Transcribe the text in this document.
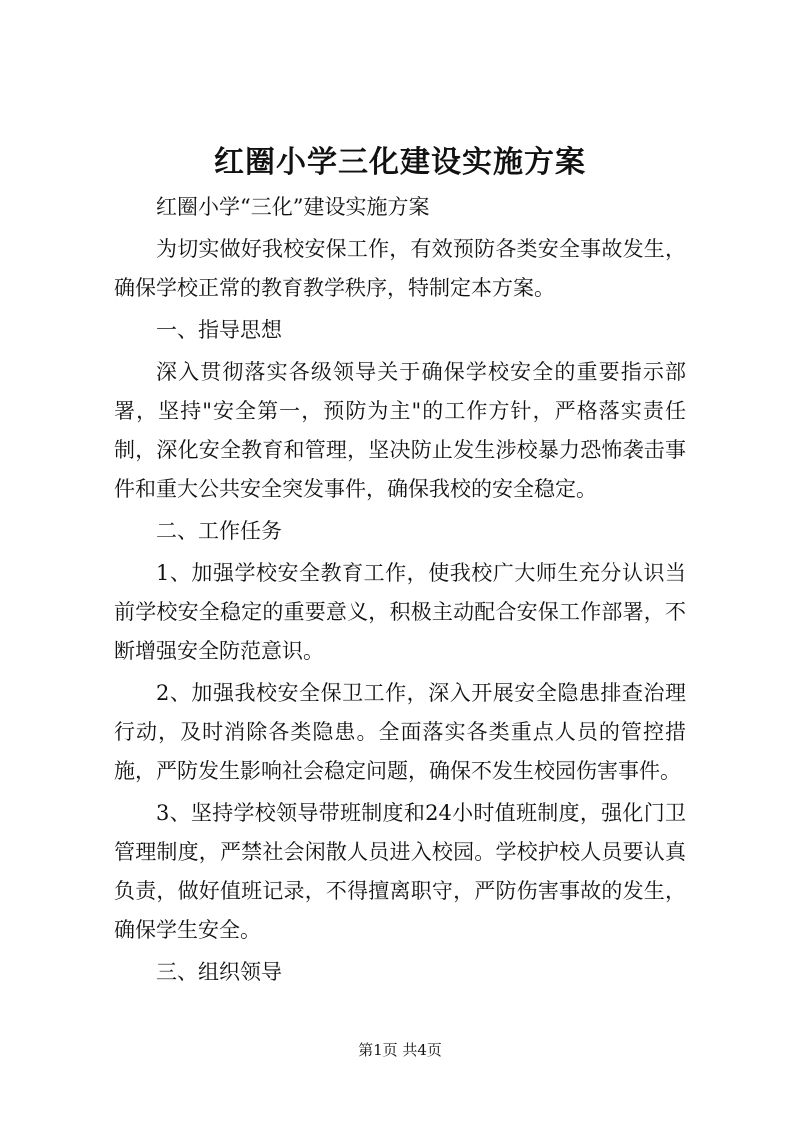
红圈小学三化建设实施方案

红圈小学“三化”建设实施方案

为切实做好我校安保工作，有效预防各类安全事故发生，确保学校正常的教育教学秩序，特制定本方案。

一、指导思想

深入贯彻落实各级领导关于确保学校安全的重要指示部署，坚持"安全第一，预防为主"的工作方针，严格落实责任制，深化安全教育和管理，坚决防止发生涉校暴力恐怖袭击事件和重大公共安全突发事件，确保我校的安全稳定。

二、工作任务

1、加强学校安全教育工作，使我校广大师生充分认识当前学校安全稳定的重要意义，积极主动配合安保工作部署，不断增强安全防范意识。

2、加强我校安全保卫工作，深入开展安全隐患排查治理行动，及时消除各类隐患。全面落实各类重点人员的管控措施，严防发生影响社会稳定问题，确保不发生校园伤害事件。

3、坚持学校领导带班制度和24小时值班制度，强化门卫管理制度，严禁社会闲散人员进入校园。学校护校人员要认真负责，做好值班记录，不得擅离职守，严防伤害事故的发生，确保学生安全。

三、组织领导

第1页 共4页
